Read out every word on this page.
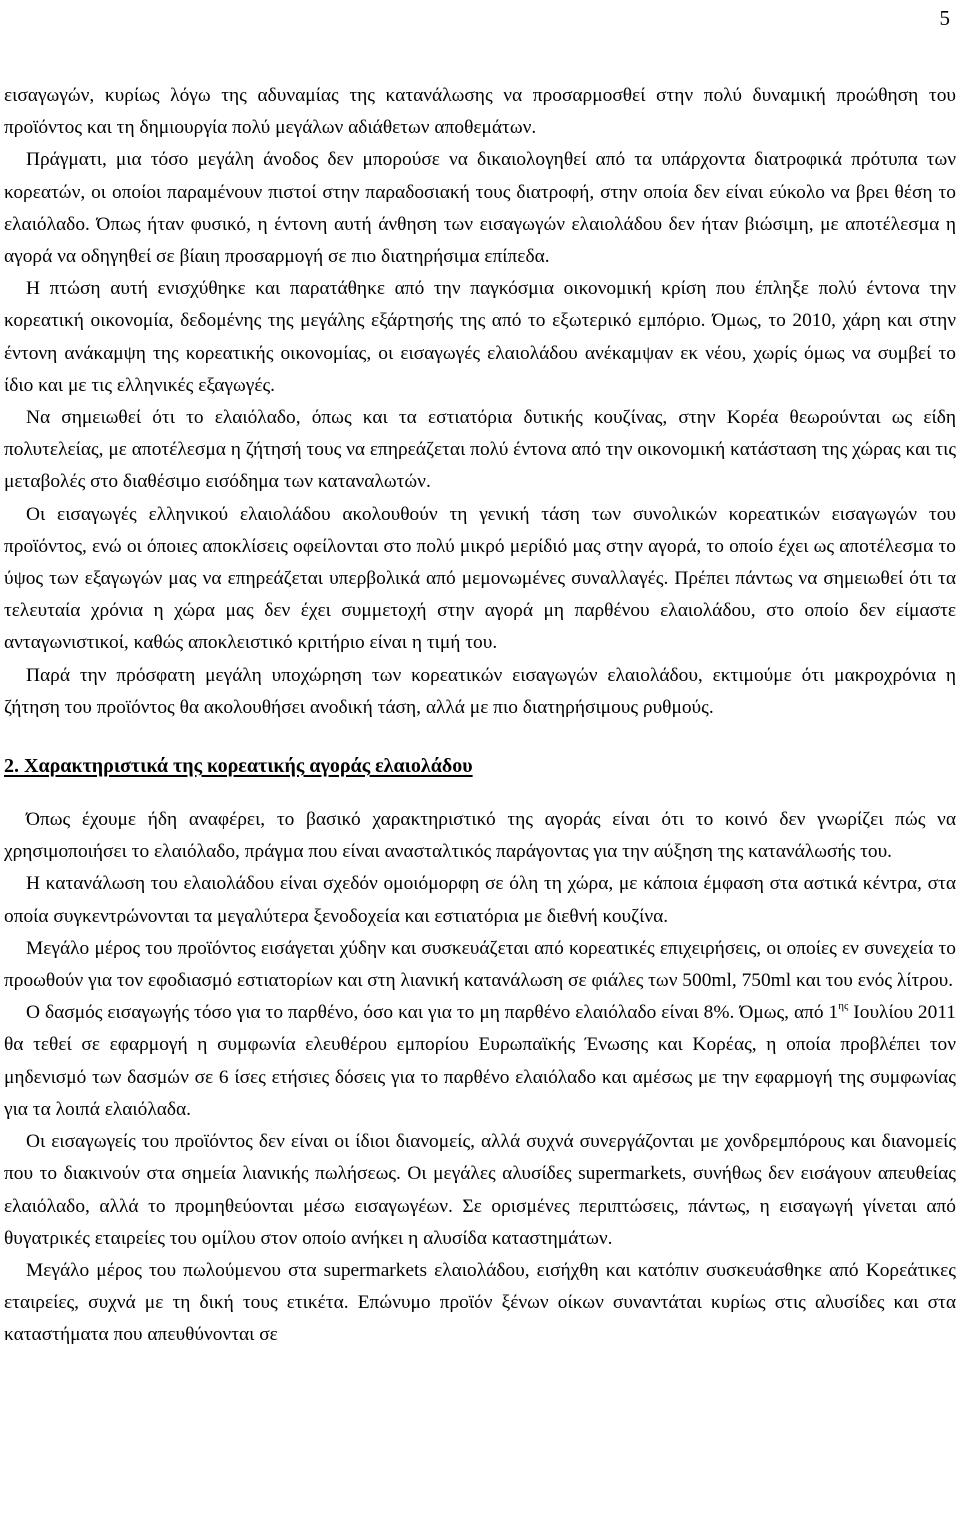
5

εισαγωγών, κυρίως λόγω της αδυναμίας της κατανάλωσης να προσαρμοσθεί στην πολύ δυναμική προώθηση του προϊόντος και τη δημιουργία πολύ μεγάλων αδιάθετων αποθεμάτων.

Πράγματι, μια τόσο μεγάλη άνοδος δεν μπορούσε να δικαιολογηθεί από τα υπάρχοντα διατροφικά πρότυπα των κορεατών, οι οποίοι παραμένουν πιστοί στην παραδοσιακή τους διατροφή, στην οποία δεν είναι εύκολο να βρει θέση το ελαιόλαδο. Όπως ήταν φυσικό, η έντονη αυτή άνθηση των εισαγωγών ελαιολάδου δεν ήταν βιώσιμη, με αποτέλεσμα η αγορά να οδηγηθεί σε βίαιη προσαρμογή σε πιο διατηρήσιμα επίπεδα.

Η πτώση αυτή ενισχύθηκε και παρατάθηκε από την παγκόσμια οικονομική κρίση που έπληξε πολύ έντονα την κορεατική οικονομία, δεδομένης της μεγάλης εξάρτησής της από το εξωτερικό εμπόριο. Όμως, το 2010, χάρη και στην έντονη ανάκαμψη της κορεατικής οικονομίας, οι εισαγωγές ελαιολάδου ανέκαμψαν εκ νέου, χωρίς όμως να συμβεί το ίδιο και με τις ελληνικές εξαγωγές.

Να σημειωθεί ότι το ελαιόλαδο, όπως και τα εστιατόρια δυτικής κουζίνας, στην Κορέα θεωρούνται ως είδη πολυτελείας, με αποτέλεσμα η ζήτησή τους να επηρεάζεται πολύ έντονα από την οικονομική κατάσταση της χώρας και τις μεταβολές στο διαθέσιμο εισόδημα των καταναλωτών.

Οι εισαγωγές ελληνικού ελαιολάδου ακολουθούν τη γενική τάση των συνολικών κορεατικών εισαγωγών του προϊόντος, ενώ οι όποιες αποκλίσεις οφείλονται στο πολύ μικρό μερίδιό μας στην αγορά, το οποίο έχει ως αποτέλεσμα το ύψος των εξαγωγών μας να επηρεάζεται υπερβολικά από μεμονωμένες συναλλαγές. Πρέπει πάντως να σημειωθεί ότι τα τελευταία χρόνια η χώρα μας δεν έχει συμμετοχή στην αγορά μη παρθένου ελαιολάδου, στο οποίο δεν είμαστε ανταγωνιστικοί, καθώς αποκλειστικό κριτήριο είναι η τιμή του.

Παρά την πρόσφατη μεγάλη υποχώρηση των κορεατικών εισαγωγών ελαιολάδου, εκτιμούμε ότι μακροχρόνια η ζήτηση του προϊόντος θα ακολουθήσει ανοδική τάση, αλλά με πιο διατηρήσιμους ρυθμούς.

2. Χαρακτηριστικά της κορεατικής αγοράς ελαιολάδου

Όπως έχουμε ήδη αναφέρει, το βασικό χαρακτηριστικό της αγοράς είναι ότι το κοινό δεν γνωρίζει πώς να χρησιμοποιήσει το ελαιόλαδο, πράγμα που είναι ανασταλτικός παράγοντας για την αύξηση της κατανάλωσής του.

Η κατανάλωση του ελαιολάδου είναι σχεδόν ομοιόμορφη σε όλη τη χώρα, με κάποια έμφαση στα αστικά κέντρα, στα οποία συγκεντρώνονται τα μεγαλύτερα ξενοδοχεία και εστιατόρια με διεθνή κουζίνα.

Μεγάλο μέρος του προϊόντος εισάγεται χύδην και συσκευάζεται από κορεατικές επιχειρήσεις, οι οποίες εν συνεχεία το προωθούν για τον εφοδιασμό εστιατορίων και στη λιανική κατανάλωση σε φιάλες των 500ml, 750ml και του ενός λίτρου.

Ο δασμός εισαγωγής τόσο για το παρθένο, όσο και για το μη παρθένο ελαιόλαδο είναι 8%. Όμως, από $1^{\eta\varsigma}$ Ιουλίου 2011 θα τεθεί σε εφαρμογή η συμφωνία ελευθέρου εμπορίου Ευρωπαϊκής Ένωσης και Κορέας, η οποία προβλέπει τον μηδενισμό των δασμών σε 6 ίσες ετήσιες δόσεις για το παρθένο ελαιόλαδο και αμέσως με την εφαρμογή της συμφωνίας για τα λοιπά ελαιόλαδα.

Οι εισαγωγείς του προϊόντος δεν είναι οι ίδιοι διανομείς, αλλά συχνά συνεργάζονται με χονδρεμπόρους και διανομείς που το διακινούν στα σημεία λιανικής πωλήσεως. Οι μεγάλες αλυσίδες supermarkets, συνήθως δεν εισάγουν απευθείας ελαιόλαδο, αλλά το προμηθεύονται μέσω εισαγωγέων. Σε ορισμένες περιπτώσεις, πάντως, η εισαγωγή γίνεται από θυγατρικές εταιρείες του ομίλου στον οποίο ανήκει η αλυσίδα καταστημάτων.

Μεγάλο μέρος του πωλούμενου στα supermarkets ελαιολάδου, εισήχθη και κατόπιν συσκευάσθηκε από Κορεάτικες εταιρείες, συχνά με τη δική τους ετικέτα. Επώνυμο προϊόν ξένων οίκων συναντάται κυρίως στις αλυσίδες και στα καταστήματα που απευθύνονται σε
